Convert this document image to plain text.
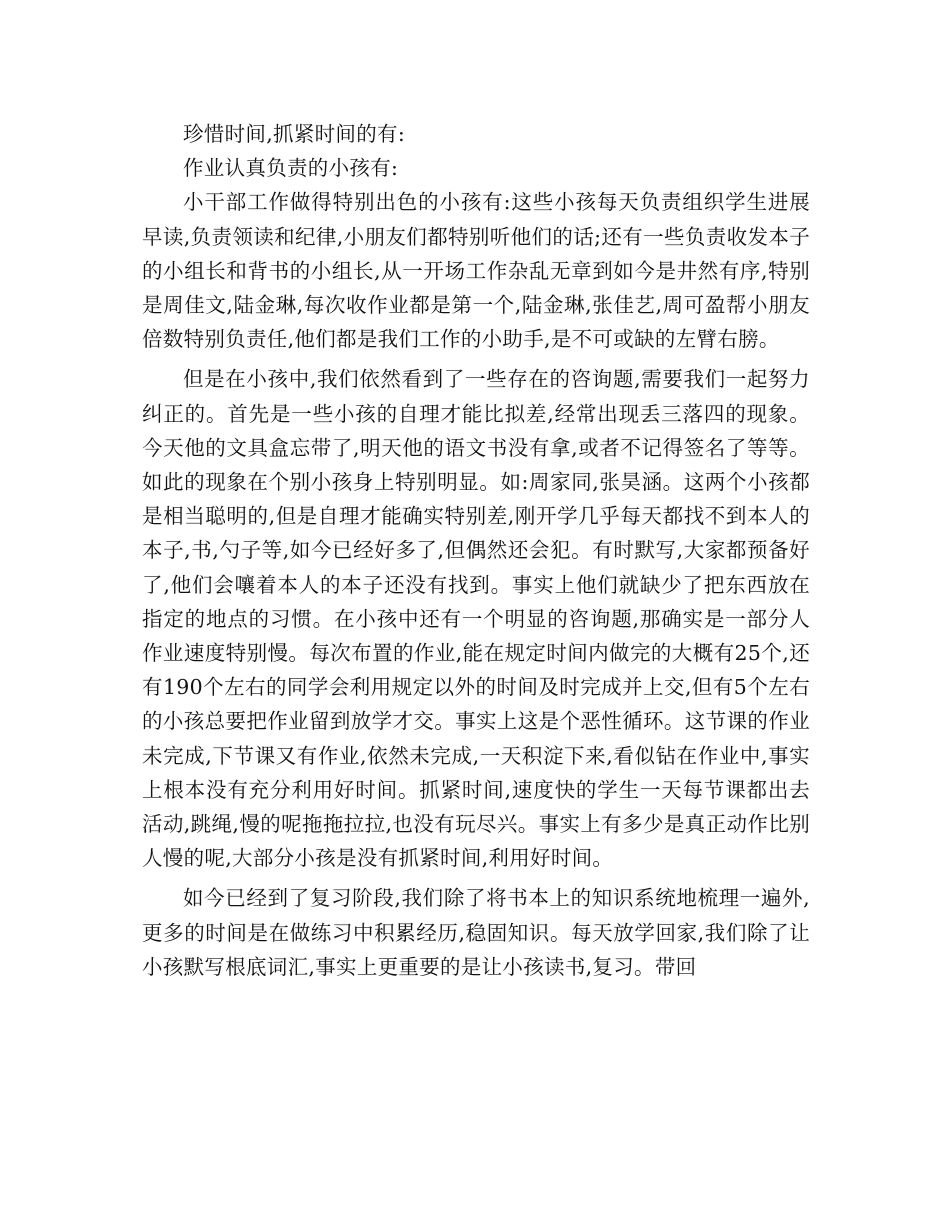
珍惜时间,抓紧时间的有:

作业认真负责的小孩有:

小干部工作做得特别出色的小孩有:这些小孩每天负责组织学生进展早读,负责领读和纪律,小朋友们都特别听他们的话;还有一些负责收发本子的小组长和背书的小组长,从一开场工作杂乱无章到如今是井然有序,特别是周佳文,陆金琳,每次收作业都是第一个,陆金琳,张佳艺,周可盈帮小朋友倍数特别负责任,他们都是我们工作的小助手,是不可或缺的左臂右膀。

但是在小孩中,我们依然看到了一些存在的咨询题,需要我们一起努力纠正的。首先是一些小孩的自理才能比拟差,经常出现丢三落四的现象。今天他的文具盒忘带了,明天他的语文书没有拿,或者不记得签名了等等。如此的现象在个别小孩身上特别明显。如:周家同,张昊涵。这两个小孩都是相当聪明的,但是自理才能确实特别差,刚开学几乎每天都找不到本人的本子,书,勺子等,如今已经好多了,但偶然还会犯。有时默写,大家都预备好了,他们会嚷着本人的本子还没有找到。事实上他们就缺少了把东西放在指定的地点的习惯。在小孩中还有一个明显的咨询题,那确实是一部分人作业速度特别慢。每次布置的作业,能在规定时间内做完的大概有25个,还有190个左右的同学会利用规定以外的时间及时完成并上交,但有5个左右的小孩总要把作业留到放学才交。事实上这是个恶性循环。这节课的作业未完成,下节课又有作业,依然未完成,一天积淀下来,看似钻在作业中,事实上根本没有充分利用好时间。抓紧时间,速度快的学生一天每节课都出去活动,跳绳,慢的呢拖拖拉拉,也没有玩尽兴。事实上有多少是真正动作比别人慢的呢,大部分小孩是没有抓紧时间,利用好时间。

如今已经到了复习阶段,我们除了将书本上的知识系统地梳理一遍外,更多的时间是在做练习中积累经历,稳固知识。每天放学回家,我们除了让小孩默写根底词汇,事实上更重要的是让小孩读书,复习。带回
